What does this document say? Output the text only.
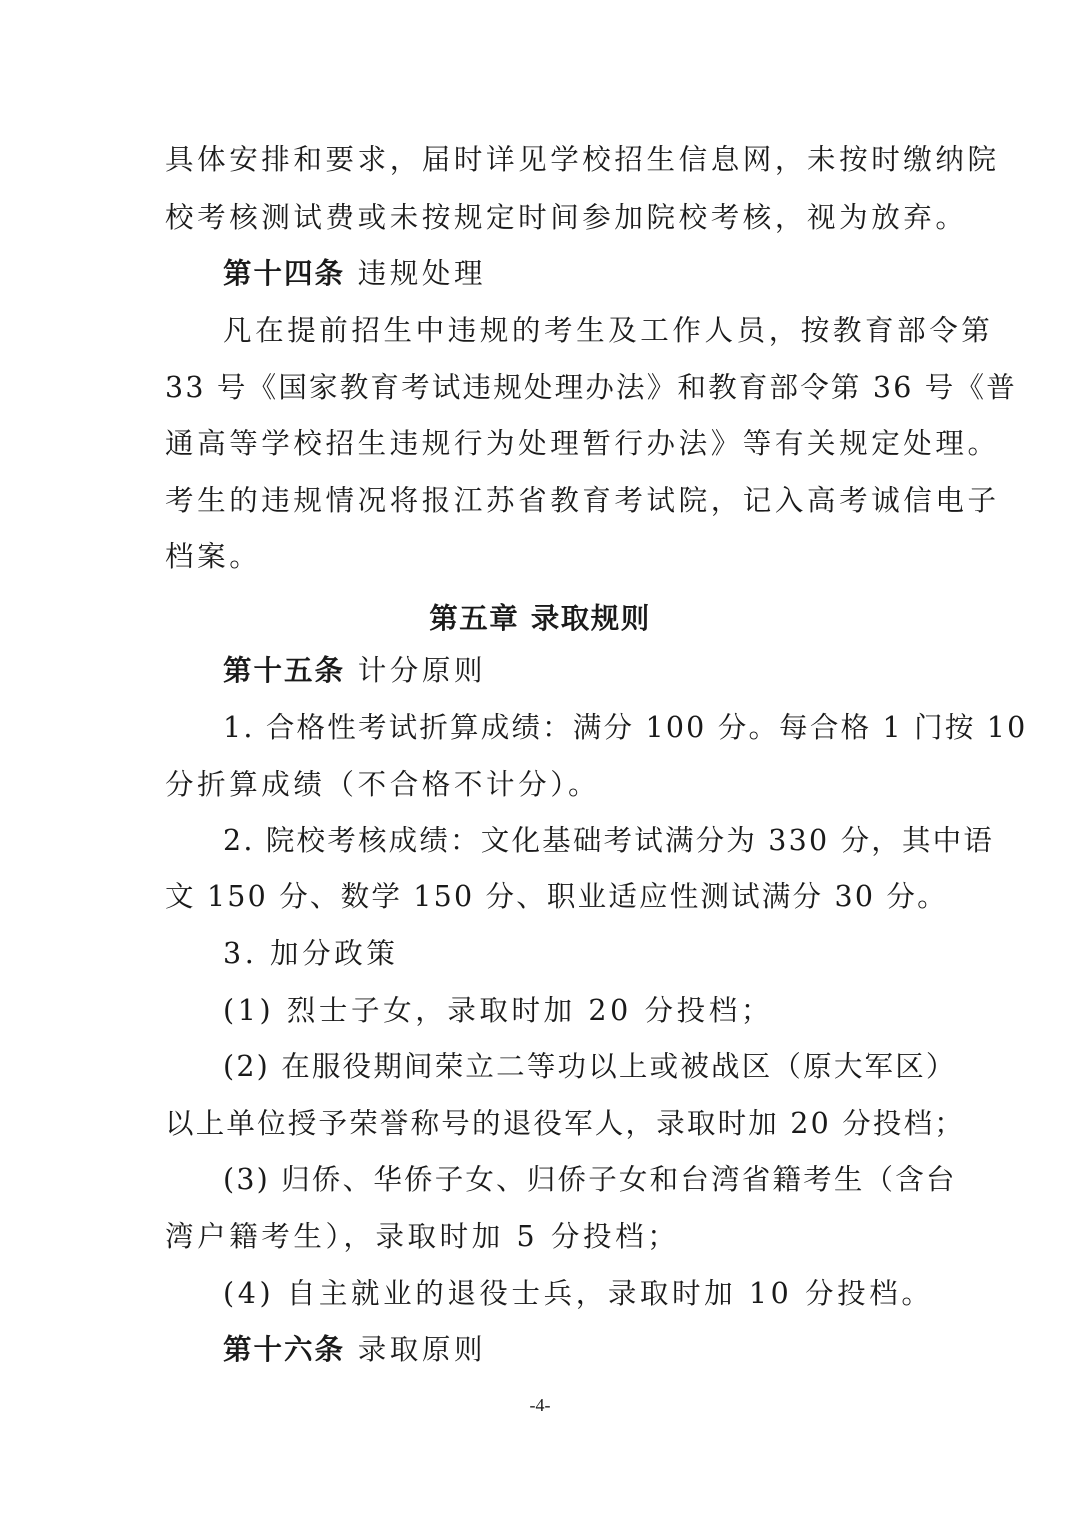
具体安排和要求，届时详见学校招生信息网，未按时缴纳院
校考核测试费或未按规定时间参加院校考核，视为放弃。
第十四条 违规处理
凡在提前招生中违规的考生及工作人员，按教育部令第
33 号《国家教育考试违规处理办法》和教育部令第 36 号《普
通高等学校招生违规行为处理暂行办法》等有关规定处理。
考生的违规情况将报江苏省教育考试院，记入高考诚信电子
档案。
第五章 录取规则
第十五条 计分原则
1. 合格性考试折算成绩：满分 100 分。每合格 1 门按 10
分折算成绩（不合格不计分）。
2. 院校考核成绩：文化基础考试满分为 330 分，其中语
文 150 分、数学 150 分、职业适应性测试满分 30 分。
3. 加分政策
(1) 烈士子女，录取时加 20 分投档；
(2) 在服役期间荣立二等功以上或被战区（原大军区）
以上单位授予荣誉称号的退役军人，录取时加 20 分投档；
(3) 归侨、华侨子女、归侨子女和台湾省籍考生（含台
湾户籍考生），录取时加 5 分投档；
(4) 自主就业的退役士兵，录取时加 10 分投档。
第十六条 录取原则
-4-
